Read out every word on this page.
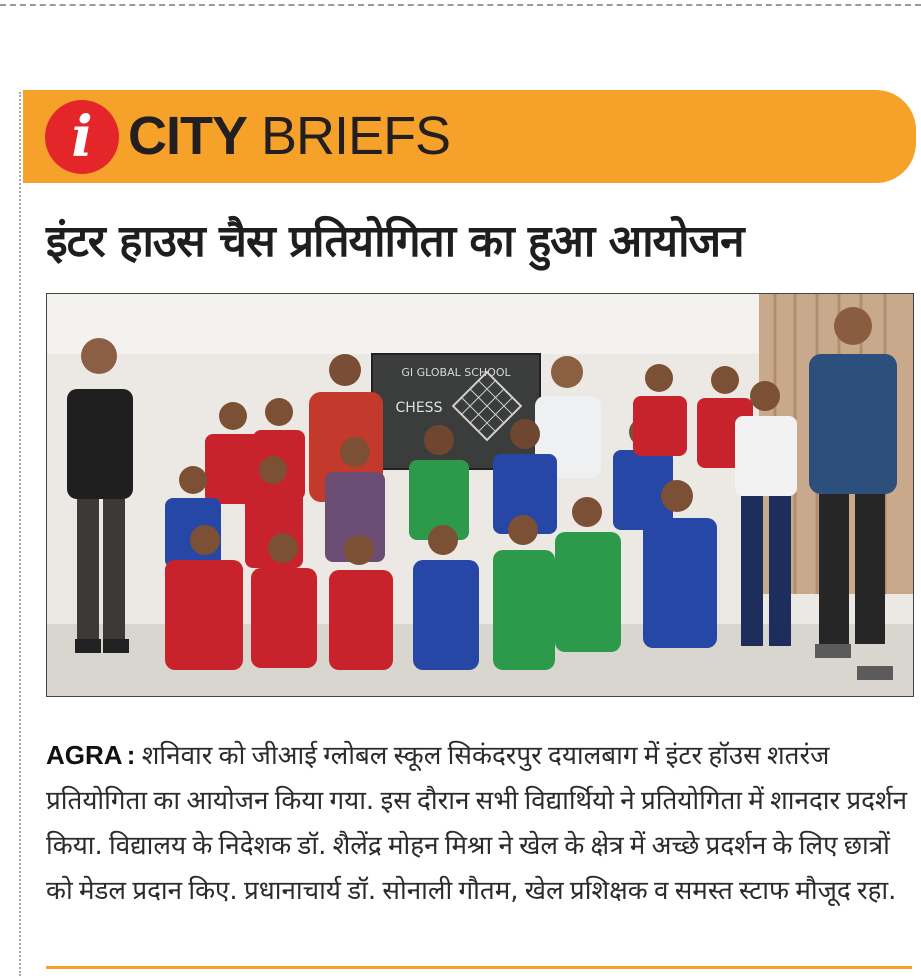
i CITY BRIEFS
इंटर हाउस चैस प्रतियोगिता का हुआ आयोजन
GI GLOBAL SCHOOL
CHESS
AGRA : शनिवार को जीआई ग्लोबल स्कूल सिकंदरपुर दयालबाग में इंटर हॉउस शतरंज प्रतियोगिता का आयोजन किया गया. इस दौरान सभी विद्यार्थियो ने प्रतियोगिता में शानदार प्रदर्शन किया. विद्यालय के निदेशक डॉ. शैलेंद्र मोहन मिश्रा ने खेल के क्षेत्र में अच्छे प्रदर्शन के लिए छात्रों को मेडल प्रदान किए. प्रधानाचार्य डॉ. सोनाली गौतम, खेल प्रशिक्षक व समस्त स्टाफ मौजूद रहा.
